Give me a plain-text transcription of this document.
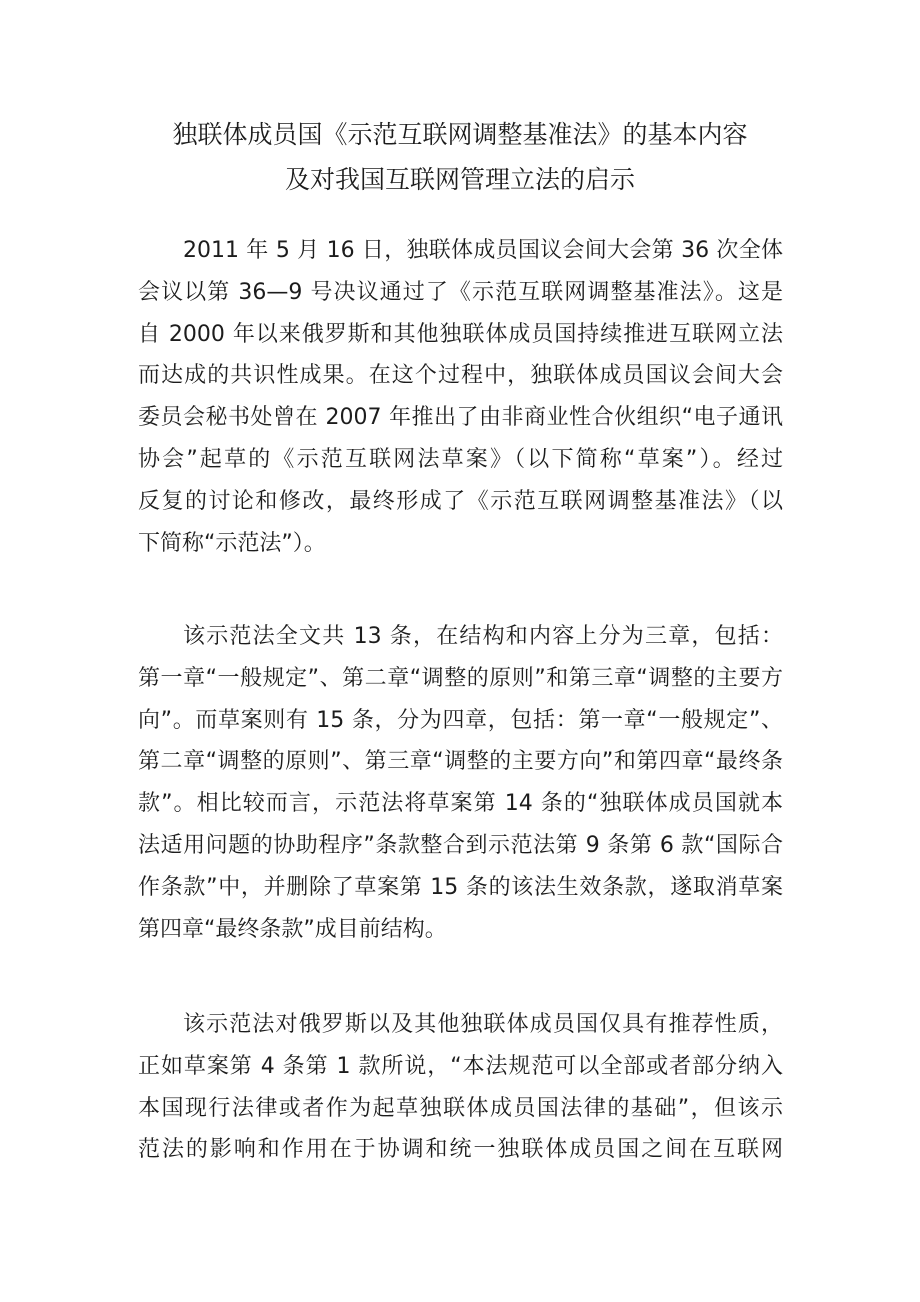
独联体成员国《示范互联网调整基准法》的基本内容
及对我国互联网管理立法的启示
2011 年 5 月 16 日，独联体成员国议会间大会第 36 次全体
会议以第 36—9 号决议通过了《示范互联网调整基准法》。这是
自 2000 年以来俄罗斯和其他独联体成员国持续推进互联网立法
而达成的共识性成果。在这个过程中，独联体成员国议会间大会
委员会秘书处曾在 2007 年推出了由非商业性合伙组织“电子通讯
协会”起草的《示范互联网法草案》（以下简称“草案”）。经过
反复的讨论和修改，最终形成了《示范互联网调整基准法》（以
下简称“示范法”）。
该示范法全文共 13 条，在结构和内容上分为三章，包括：
第一章“一般规定”、第二章“调整的原则”和第三章“调整的主要方
向”。而草案则有 15 条，分为四章，包括：第一章“一般规定”、
第二章“调整的原则”、第三章“调整的主要方向”和第四章“最终条
款”。相比较而言，示范法将草案第 14 条的“独联体成员国就本
法适用问题的协助程序”条款整合到示范法第 9 条第 6 款“国际合
作条款”中，并删除了草案第 15 条的该法生效条款，遂取消草案
第四章“最终条款”成目前结构。
该示范法对俄罗斯以及其他独联体成员国仅具有推荐性质，
正如草案第 4 条第 1 款所说，“本法规范可以全部或者部分纳入
本国现行法律或者作为起草独联体成员国法律的基础”，但该示
范法的影响和作用在于协调和统一独联体成员国之间在互联网
